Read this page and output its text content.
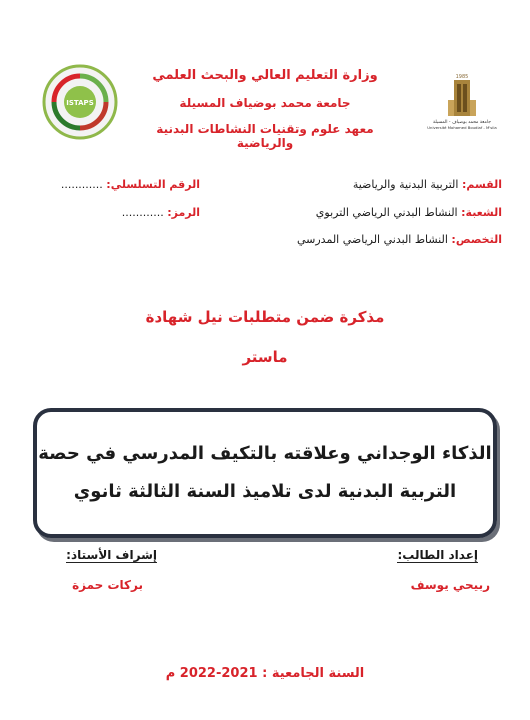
ISTAPS
1985
جامعة محمد بوضياف - المسيلة
Université Mohamed Boudiaf - M'sila
وزارة التعليم العالي والبحث العلمي
جامعة محمد بوضياف المسيلة
معهد علوم وتقنيات النشاطات البدنية والرياضية
القسم: التربية البدنية والرياضية
الشعبة: النشاط البدني الرياضي التربوي
التخصص: النشاط البدني الرياضي المدرسي
الرقم التسلسلي: ............
الرمز: ............
مذكرة ضمن متطلبات نيل شهادة
ماستر
الذكاء الوجداني وعلاقته بالتكيف المدرسي في حصة
التربية البدنية لدى تلاميذ السنة الثالثة ثانوي
إعداد الطالب:
ربيحي يوسف
إشراف الأستاذ:
بركات حمزة
السنة الجامعية : 2021-2022 م
